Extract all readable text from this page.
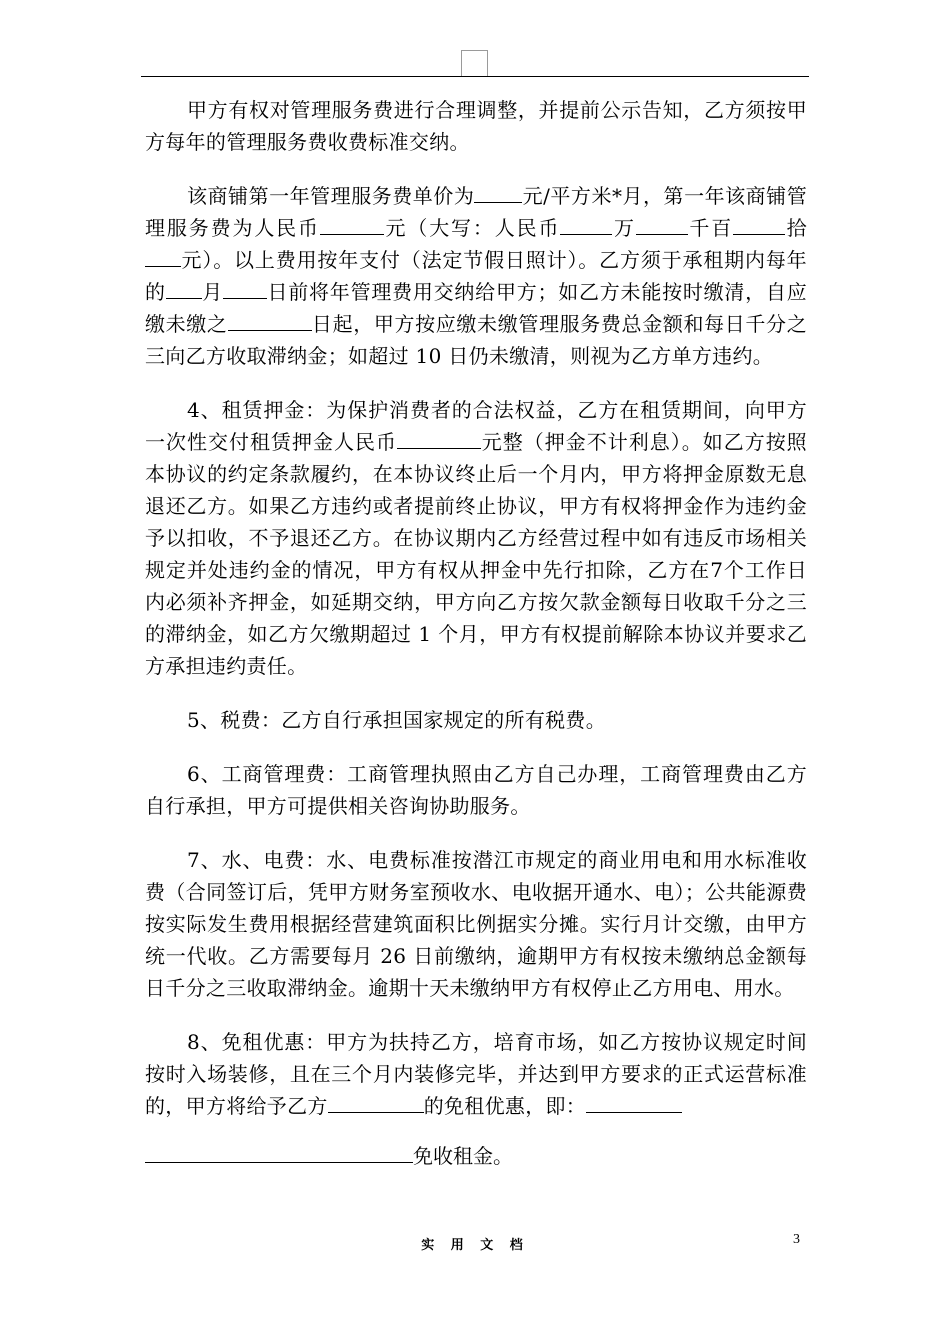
甲方有权对管理服务费进行合理调整，并提前公示告知，乙方须按甲方每年的管理服务费收费标准交纳。

该商铺第一年管理服务费单价为 元/平方米*月，第一年该商铺管理服务费为人民币	元（大写：人民币	万	千百	拾元）。以上费用按年支付（法定节假日照计）。乙方须于承租期内每年的 月 日前将年管理费用交纳给甲方；如乙方未能按时缴清，自应缴未缴之	日起，甲方按应缴未缴管理服务费总金额和每日千分之三向乙方收取滞纳金；如超过 10 日仍未缴清，则视为乙方单方违约。

4、租赁押金：为保护消费者的合法权益，乙方在租赁期间，向甲方一次性交付租赁押金人民币	元整（押金不计利息）。如乙方按照本协议的约定条款履约，在本协议终止后一个月内，甲方将押金原数无息退还乙方。如果乙方违约或者提前终止协议，甲方有权将押金作为违约金予以扣收，不予退还乙方。在协议期内乙方经营过程中如有违反市场相关规定并处违约金的情况，甲方有权从押金中先行扣除，乙方在7个工作日内必须补齐押金，如延期交纳，甲方向乙方按欠款金额每日收取千分之三的滞纳金，如乙方欠缴期超过 1 个月，甲方有权提前解除本协议并要求乙方承担违约责任。

5、税费：乙方自行承担国家规定的所有税费。

6、工商管理费：工商管理执照由乙方自己办理，工商管理费由乙方自行承担，甲方可提供相关咨询协助服务。

7、水、电费：水、电费标准按潜江市规定的商业用电和用水标准收费（合同签订后，凭甲方财务室预收水、电收据开通水、电）；公共能源费按实际发生费用根据经营建筑面积比例据实分摊。实行月计交缴，由甲方统一代收。乙方需要每月 26 日前缴纳，逾期甲方有权按未缴纳总金额每日千分之三收取滞纳金。逾期十天未缴纳甲方有权停止乙方用电、用水。

8、免租优惠：甲方为扶持乙方，培育市场，如乙方按协议规定时间按时入场装修，且在三个月内装修完毕，并达到甲方要求的正式运营标准的，甲方将给予乙方	的免租优惠，即：

免收租金。
实 用 文 档	3
